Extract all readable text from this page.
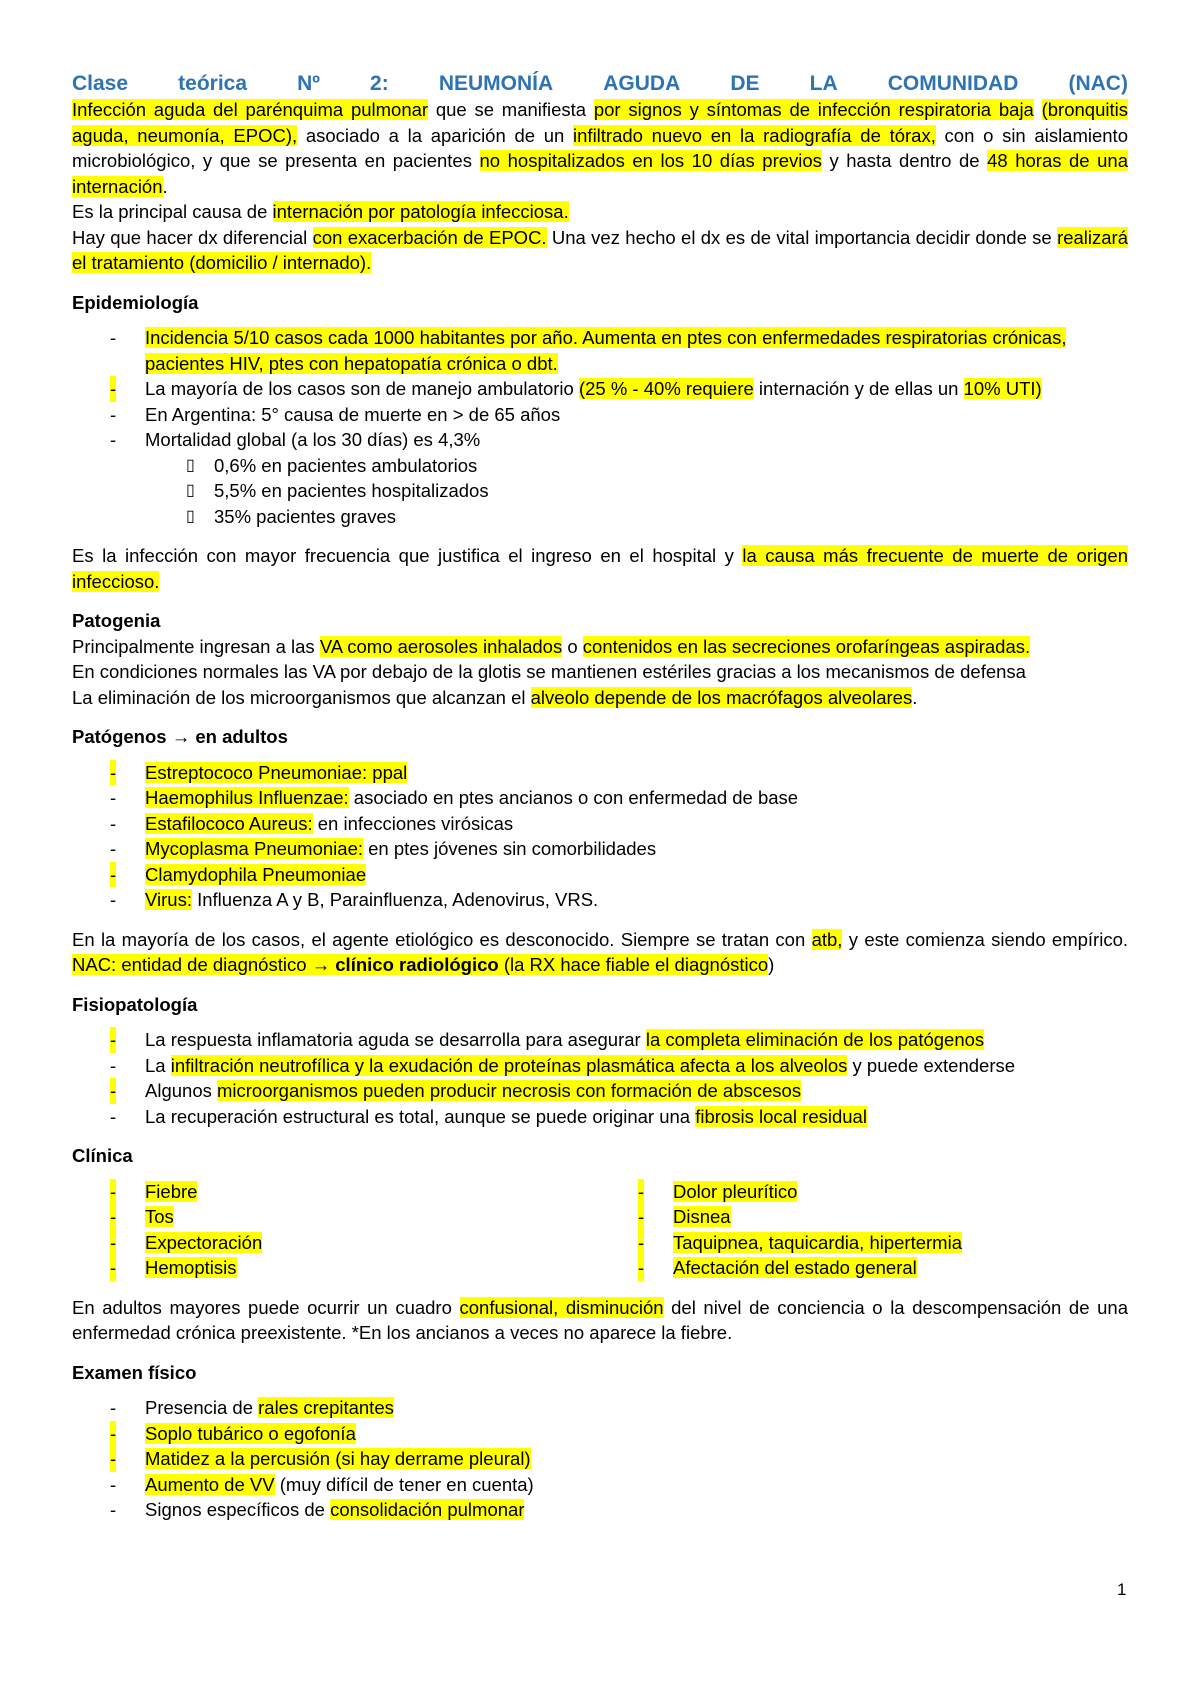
Clase teórica Nº 2: NEUMONÍA AGUDA DE LA COMUNIDAD (NAC)

Infección aguda del parénquima pulmonar que se manifiesta por signos y síntomas de infección respiratoria baja (bronquitis aguda, neumonía, EPOC), asociado a la aparición de un infiltrado nuevo en la radiografía de tórax, con o sin aislamiento microbiológico, y que se presenta en pacientes no hospitalizados en los 10 días previos y hasta dentro de 48 horas de una internación.

Es la principal causa de internación por patología infecciosa.

Hay que hacer dx diferencial con exacerbación de EPOC. Una vez hecho el dx es de vital importancia decidir donde se realizará el tratamiento (domicilio / internado).

Epidemiología
- Incidencia 5/10 casos cada 1000 habitantes por año. Aumenta en ptes con enfermedades respiratorias crónicas, pacientes HIV, ptes con hepatopatía crónica o dbt.
- La mayoría de los casos son de manejo ambulatorio (25 % - 40% requiere internación y de ellas un 10% UTI)
- En Argentina: 5° causa de muerte en > de 65 años
- Mortalidad global (a los 30 días) es 4,3%
▯ 0,6% en pacientes ambulatorios
▯ 5,5% en pacientes hospitalizados
▯ 35% pacientes graves

Es la infección con mayor frecuencia que justifica el ingreso en el hospital y la causa más frecuente de muerte de origen infeccioso.

Patogenia
Principalmente ingresan a las VA como aerosoles inhalados o contenidos en las secreciones orofaríngeas aspiradas.
En condiciones normales las VA por debajo de la glotis se mantienen estériles gracias a los mecanismos de defensa
La eliminación de los microorganismos que alcanzan el alveolo depende de los macrófagos alveolares.
Patógenos → en adultos
- Estreptococo Pneumoniae: ppal
- Haemophilus Influenzae: asociado en ptes ancianos o con enfermedad de base
- Estafilococo Aureus: en infecciones virósicas
- Mycoplasma Pneumoniae: en ptes jóvenes sin comorbilidades
- Clamydophila Pneumoniae
- Virus: Influenza A y B, Parainfluenza, Adenovirus, VRS.

En la mayoría de los casos, el agente etiológico es desconocido. Siempre se tratan con atb, y este comienza siendo empírico. NAC: entidad de diagnóstico → clínico radiológico (la RX hace fiable el diagnóstico)

Fisiopatología
- La respuesta inflamatoria aguda se desarrolla para asegurar la completa eliminación de los patógenos
- La infiltración neutrofílica y la exudación de proteínas plasmática afecta a los alveolos y puede extenderse
- Algunos microorganismos pueden producir necrosis con formación de abscesos
- La recuperación estructural es total, aunque se puede originar una fibrosis local residual
Clínica
- Fiebre
- Tos
- Expectoración
- Hemoptisis
- Dolor pleurítico
- Disnea
- Taquipnea, taquicardia, hipertermia
- Afectación del estado general

En adultos mayores puede ocurrir un cuadro confusional, disminución del nivel de conciencia o la descompensación de una enfermedad crónica preexistente. *En los ancianos a veces no aparece la fiebre.

Examen físico
- Presencia de rales crepitantes
- Soplo tubárico o egofonía
- Matidez a la percusión (si hay derrame pleural)
- Aumento de VV (muy difícil de tener en cuenta)
- Signos específicos de consolidación pulmonar
1
